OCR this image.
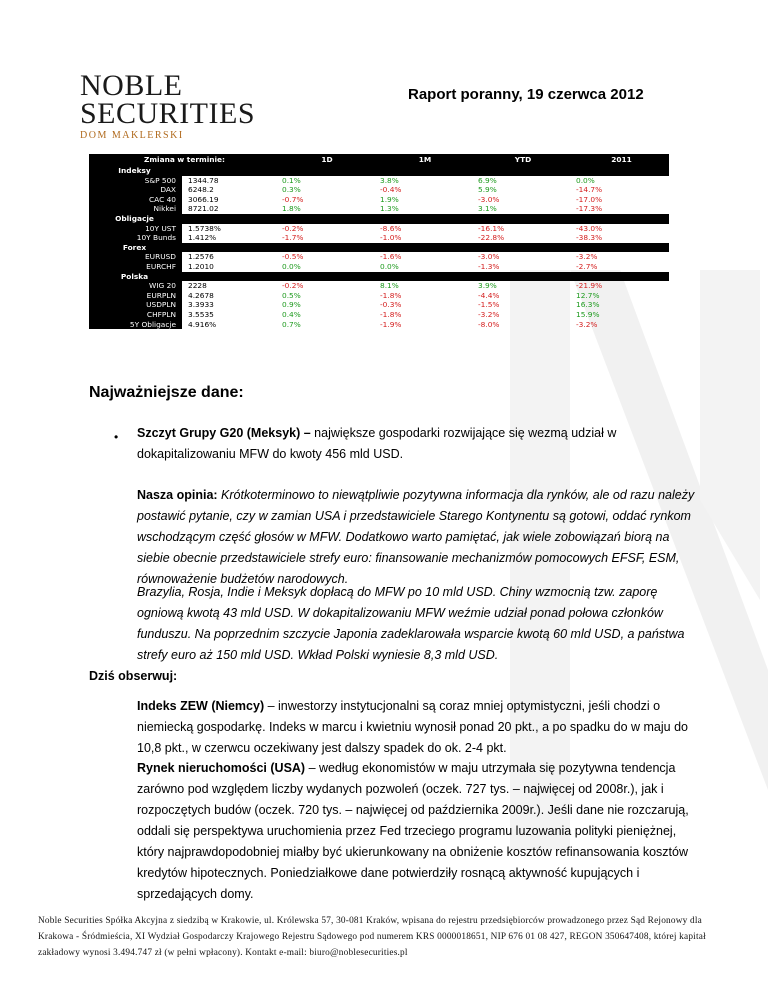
NOBLE
SECURITIES
DOM MAKLERSKI
Raport poranny, 19 czerwca 2012
Zmiana w terminie:		1D	1M	YTD	2011
Indeksy					
S&P 500	1344.78	0.1%	3.8%	6.9%	0.0%
DAX	6248.2	0.3%	-0.4%	5.9%	-14.7%
CAC 40	3066.19	-0.7%	1.9%	-3.0%	-17.0%
Nikkei	8721.02	1.8%	1.3%	3.1%	-17.3%
Obligacje					
10Y UST	1.5738%	-0.2%	-8.6%	-16.1%	-43.0%
10Y Bunds	1.412%	-1.7%	-1.0%	-22.8%	-38.3%
Forex					
EURUSD	1.2576	-0.5%	-1.6%	-3.0%	-3.2%
EURCHF	1.2010	0.0%	0.0%	-1.3%	-2.7%
Polska					
WIG 20	2228	-0.2%	8.1%	3.9%	-21.9%
EURPLN	4.2678	0.5%	-1.8%	-4.4%	12.7%
USDPLN	3.3933	0.9%	-0.3%	-1.5%	16.3%
CHFPLN	3.5535	0.4%	-1.8%	-3.2%	15.9%
5Y Obligacje	4.916%	0.7%	-1.9%	-8.0%	-3.2%
Najważniejsze dane:
• Szczyt Grupy G20 (Meksyk) – największe gospodarki rozwijające się wezmą udział w dokapitalizowaniu MFW do kwoty 456 mld USD.
Nasza opinia: Krótkoterminowo to niewątpliwie pozytywna informacja dla rynków, ale od razu należy postawić pytanie, czy w zamian USA i przedstawiciele Starego Kontynentu są gotowi, oddać rynkom wschodzącym część głosów w MFW. Dodatkowo warto pamiętać, jak wiele zobowiązań biorą na siebie obecnie przedstawiciele strefy euro: finansowanie mechanizmów pomocowych EFSF, ESM, równoważenie budżetów narodowych.
Brazylia, Rosja, Indie i Meksyk dopłacą do MFW po 10 mld USD. Chiny wzmocnią tzw. zaporę ogniową kwotą 43 mld USD. W dokapitalizowaniu MFW weźmie udział ponad połowa członków funduszu. Na poprzednim szczycie Japonia zadeklarowała wsparcie kwotą 60 mld USD, a państwa strefy euro aż 150 mld USD. Wkład Polski wyniesie 8,3 mld USD.
Dziś obserwuj:
Indeks ZEW (Niemcy) – inwestorzy instytucjonalni są coraz mniej optymistyczni, jeśli chodzi o niemiecką gospodarkę. Indeks w marcu i kwietniu wynosił ponad 20 pkt., a po spadku do w maju do 10,8 pkt., w czerwcu oczekiwany jest dalszy spadek do ok. 2-4 pkt.
Rynek nieruchomości (USA) – według ekonomistów w maju utrzymała się pozytywna tendencja zarówno pod względem liczby wydanych pozwoleń (oczek. 727 tys. – najwięcej od 2008r.), jak i rozpoczętych budów (oczek. 720 tys. – najwięcej od października 2009r.). Jeśli dane nie rozczarują, oddali się perspektywa uruchomienia przez Fed trzeciego programu luzowania polityki pieniężnej, który najprawdopodobniej miałby być ukierunkowany na obniżenie kosztów refinansowania kosztów kredytów hipotecznych. Poniedziałkowe dane potwierdziły rosnącą aktywność kupujących i sprzedających domy.
Noble Securities Spółka Akcyjna z siedzibą w Krakowie, ul. Królewska 57, 30-081 Kraków, wpisana do rejestru przedsiębiorców prowadzonego przez Sąd Rejonowy dla Krakowa - Śródmieścia, XI Wydział Gospodarczy Krajowego Rejestru Sądowego pod numerem KRS 0000018651, NIP 676 01 08 427, REGON 350647408, której kapitał zakładowy wynosi 3.494.747 zł (w pełni wpłacony). Kontakt e-mail: biuro@noblesecurities.pl
